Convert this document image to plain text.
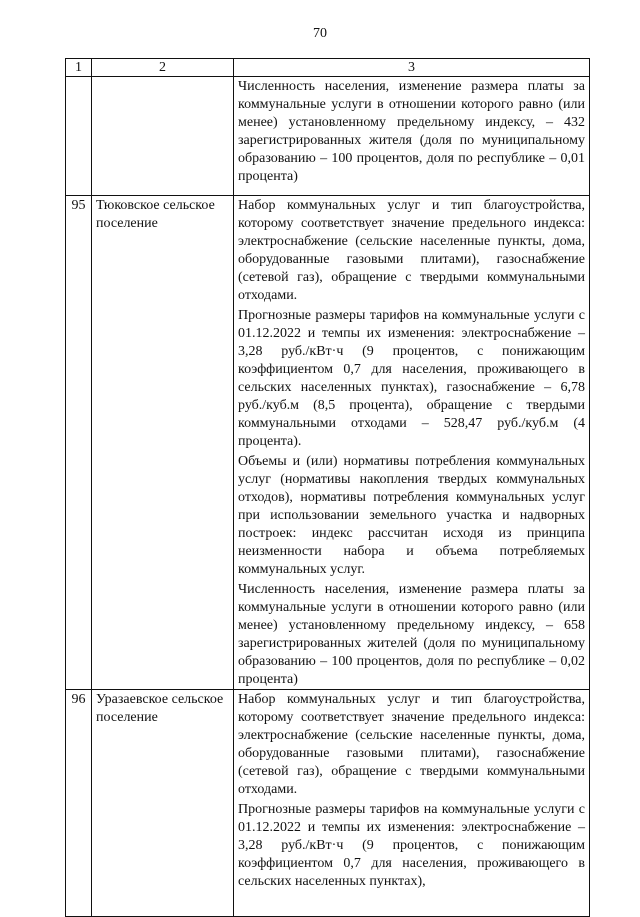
70
1	2	3

		Численность населения, изменение размера платы за коммунальные услуги в отношении которого равно (или менее) установленному предельному индексу, – 432 зарегистрированных жителя (доля по муниципальному образованию – 100 процентов, доля по республике – 0,01 процента)

95	Тюковское сельское поселение	Набор коммунальных услуг и тип благоустройства, которому соответствует значение предельного индекса: электроснабжение (сельские населенные пункты, дома, оборудованные газовыми плитами), газоснабжение (сетевой газ), обращение с твердыми коммунальными отходами.

Прогнозные размеры тарифов на коммунальные услуги с 01.12.2022 и темпы их изменения: электроснабжение – 3,28 руб./кВт·ч (9 процентов, с понижающим коэффициентом 0,7 для населения, проживающего в сельских населенных пунктах), газоснабжение – 6,78 руб./куб.м (8,5 процента), обращение с твердыми коммунальными отходами – 528,47 руб./куб.м (4 процента).

Объемы и (или) нормативы потребления коммунальных услуг (нормативы накопления твердых коммунальных отходов), нормативы потребления коммунальных услуг при использовании земельного участка и надворных построек: индекс рассчитан исходя из принципа неизменности набора и объема потребляемых коммунальных услуг.

Численность населения, изменение размера платы за коммунальные услуги в отношении которого равно (или менее) установленному предельному индексу, – 658 зарегистрированных жителей (доля по муниципальному образованию – 100 процентов, доля по республике – 0,02 процента)

96	Уразаевское сельское поселение	Набор коммунальных услуг и тип благоустройства, которому соответствует значение предельного индекса: электроснабжение (сельские населенные пункты, дома, оборудованные газовыми плитами), газоснабжение (сетевой газ), обращение с твердыми коммунальными отходами.

Прогнозные размеры тарифов на коммунальные услуги с 01.12.2022 и темпы их изменения: электроснабжение – 3,28 руб./кВт·ч (9 процентов, с понижающим коэффициентом 0,7 для населения, проживающего в сельских населенных пунктах),
